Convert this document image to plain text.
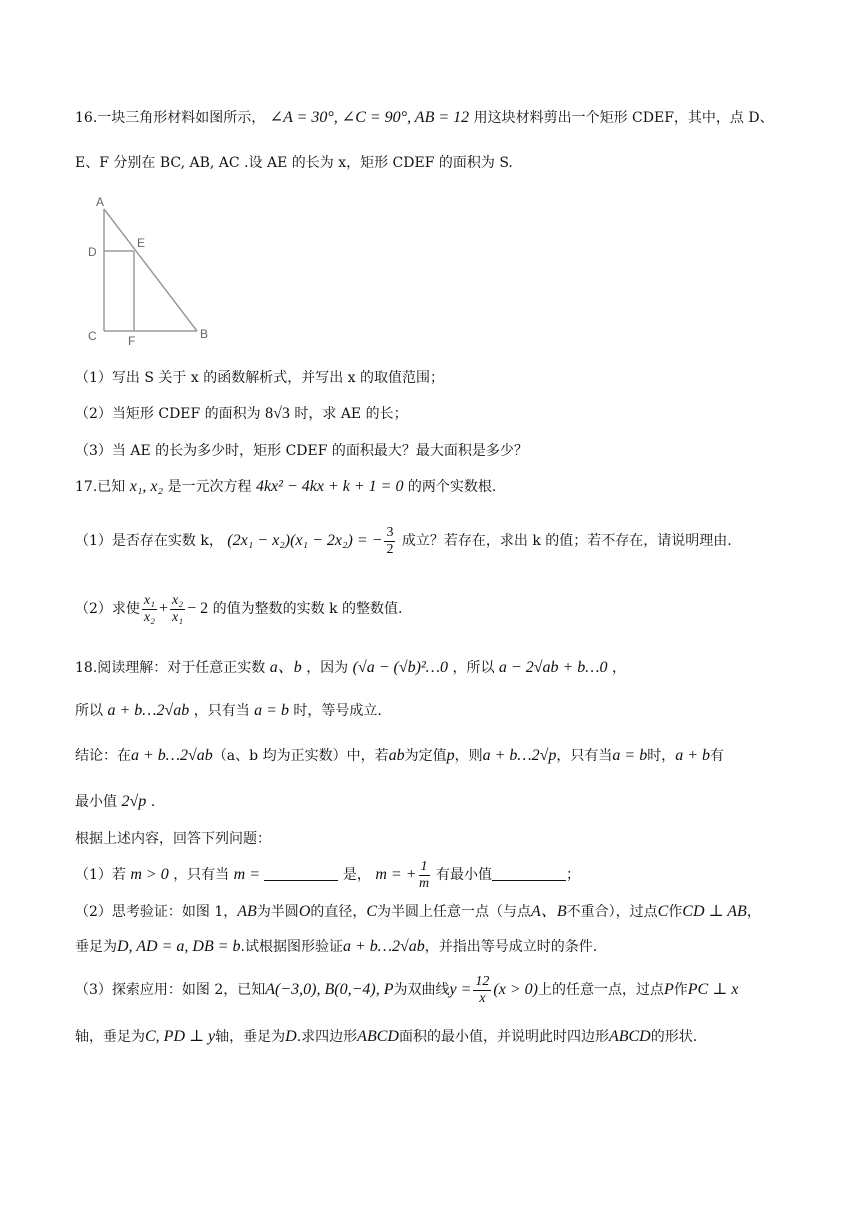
16.一块三角形材料如图所示， ∠A = 30°, ∠C = 90°, AB = 12 用这块材料剪出一个矩形 CDEF，其中，点 D、
E、F 分别在 BC, AB, AC .设 AE 的长为 x，矩形 CDEF 的面积为 S.
A
D
E
C	F	B
（1）写出 S 关于 x 的函数解析式，并写出 x 的取值范围；
（2）当矩形 CDEF 的面积为 8√3 时，求 AE 的长；
（3）当 AE 的长为多少时，矩形 CDEF 的面积最大？最大面积是多少？
17.已知 x₁, x₂ 是一元次方程 4kx² − 4kx + k + 1 = 0 的两个实数根.
（1）是否存在实数 k， (2x₁ − x₂)(x₁ − 2x₂) = − $\frac{3}{2}$ 成立？若存在，求出 k 的值；若不存在，请说明理由.
（2）求使 $\frac{\text{x₁}}{\text{x₂}} + \frac{\text{x₂}}{\text{x₁}} - 2$ 的值为整数的实数 k 的整数值.
18.阅读理解：对于任意正实数 a、b ，因为 (√a − (√b)²…0 ，所以 a − 2√ab + b…0 ，
所以 a + b…2√ab ，只有当 a = b 时，等号成立.
结论：在a + b…2√ab（a、b 均为正实数）中，若ab为定值p，则a + b…2√p，只有当a = b时，a + b有
最小值 2√p .
根据上述内容，回答下列问题：
（1）若 m > 0 ，只有当 m =	是， m = + $\frac{1}{m}$ 有最小值	；
（2）思考验证：如图 1，AB为半圆O的直径，C为半圆上任意一点（与点A、B不重合），过点C作CD ⊥ AB，
垂足为D, AD = a, DB = b.试根据图形验证a + b…2√ab，并指出等号成立时的条件.
（3）探索应用：如图 2，已知A(−3,0), B(0,−4), P为双曲线$y = \frac{12}{x} (x > 0)$上的任意一点，过点P作PC ⊥ x
轴，垂足为C, PD ⊥ y轴，垂足为D.求四边形ABCD面积的最小值，并说明此时四边形ABCD的形状.
